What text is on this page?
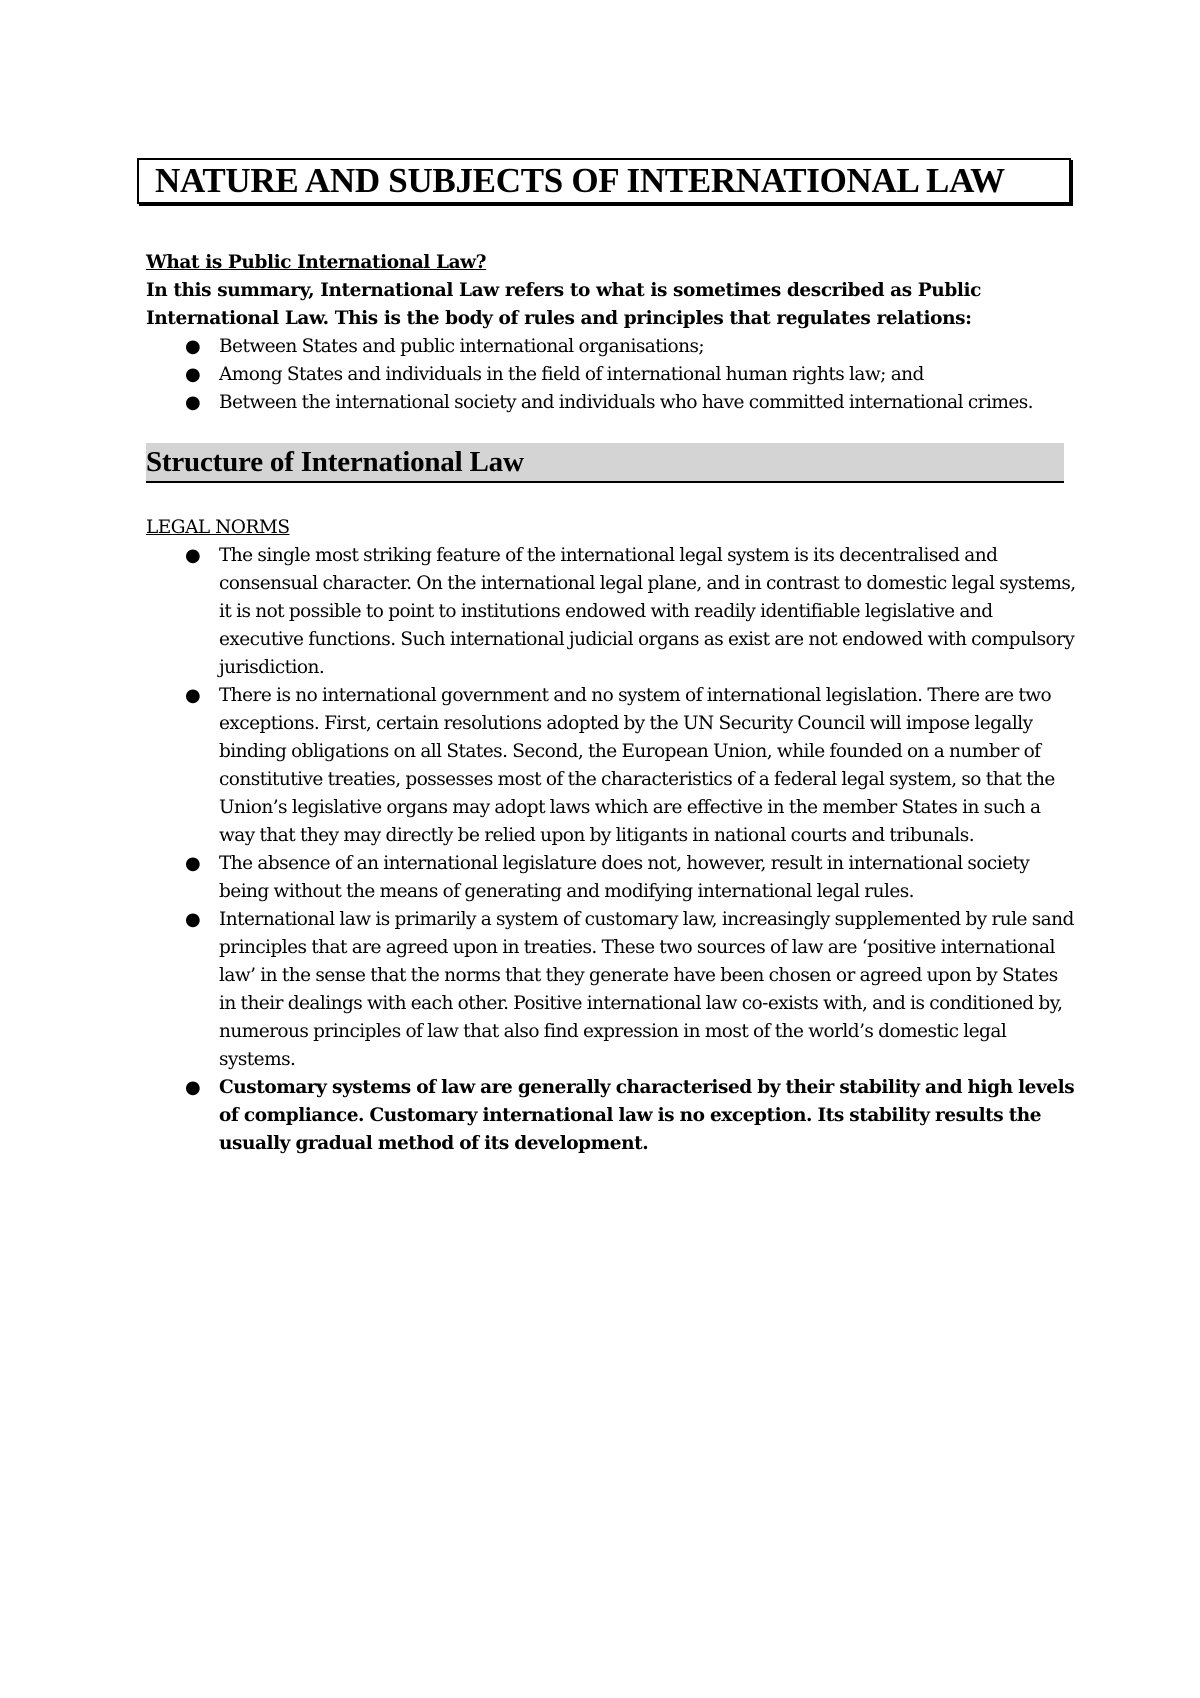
NATURE AND SUBJECTS OF INTERNATIONAL LAW
What is Public International Law?

In this summary, International Law refers to what is sometimes described as Public International Law. This is the body of rules and principles that regulates relations:

● Between States and public international organisations;
● Among States and individuals in the field of international human rights law; and
● Between the international society and individuals who have committed international crimes.
Structure of International Law
LEGAL NORMS
● The single most striking feature of the international legal system is its decentralised and consensual character. On the international legal plane, and in contrast to domestic legal systems, it is not possible to point to institutions endowed with readily identifiable legislative and executive functions. Such international judicial organs as exist are not endowed with compulsory jurisdiction.
● There is no international government and no system of international legislation. There are two exceptions. First, certain resolutions adopted by the UN Security Council will impose legally binding obligations on all States. Second, the European Union, while founded on a number of constitutive treaties, possesses most of the characteristics of a federal legal system, so that the Union’s legislative organs may adopt laws which are effective in the member States in such a way that they may directly be relied upon by litigants in national courts and tribunals.
● The absence of an international legislature does not, however, result in international society being without the means of generating and modifying international legal rules.
● International law is primarily a system of customary law, increasingly supplemented by rule sand principles that are agreed upon in treaties. These two sources of law are ‘positive international law’ in the sense that the norms that they generate have been chosen or agreed upon by States in their dealings with each other. Positive international law co-exists with, and is conditioned by, numerous principles of law that also find expression in most of the world’s domestic legal systems.
● Customary systems of law are generally characterised by their stability and high levels of compliance. Customary international law is no exception. Its stability results the usually gradual method of its development.
